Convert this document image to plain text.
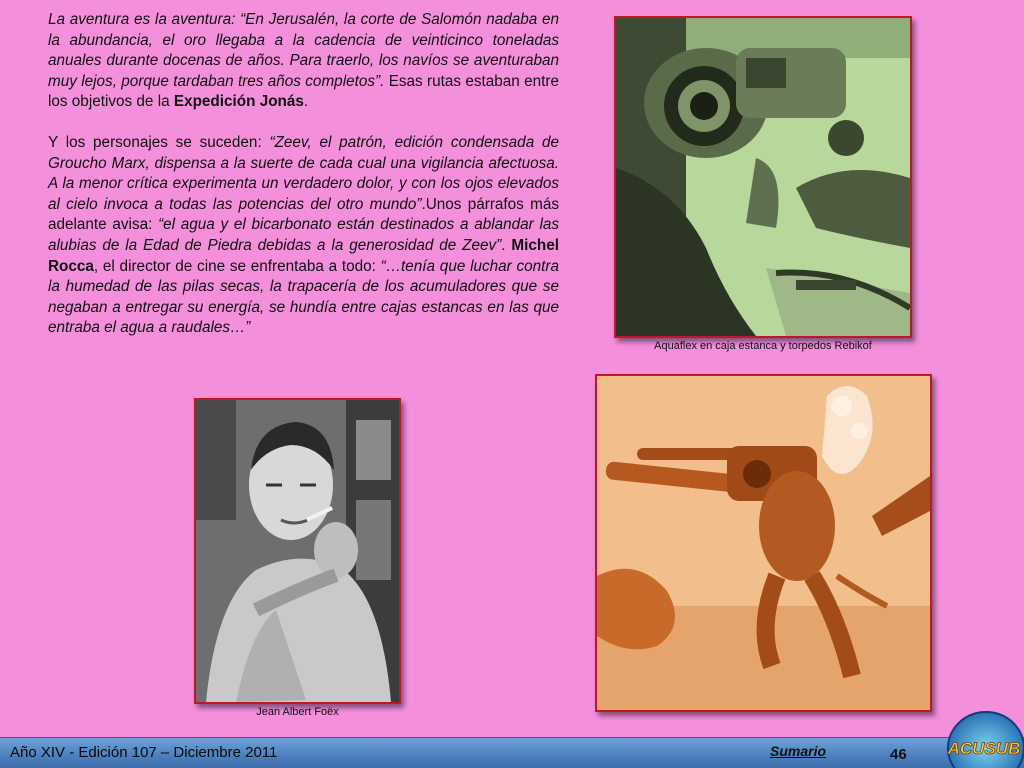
La aventura es la aventura: “En Jerusalén, la corte de Salomón nadaba en la abundancia, el oro llegaba a la cadencia de veinticinco toneladas anuales durante docenas de años. Para traerlo, los navíos se aventuraban muy lejos, porque tardaban tres años completos”. Esas rutas estaban entre los objetivos de la Expedición Jonás.

Y los personajes se suceden: “Zeev, el patrón, edición condensada de Groucho Marx, dispensa a la suerte de cada cual una vigilancia afectuosa. A la menor crítica experimenta un verdadero dolor, y con los ojos elevados al cielo invoca a todas las potencias del otro mundo”.Unos párrafos más adelante avisa: “el agua y el bicarbonato están destinados a ablandar las alubias de la Edad de Piedra debidas a la generosidad de Zeev”. Michel Rocca, el director de cine se enfrentaba a todo: “…tenía que luchar contra la humedad de las pilas secas, la trapacería de los acumuladores que se negaban a entregar su energía, se hundía entre cajas estancas en las que entraba el agua a raudales…”

Aquaflex en caja estanca y torpedos Rebikof
Jean Albert Foëx
Año XIV - Edición 107 – Diciembre 2011	Sumario	46 ACUSUB
